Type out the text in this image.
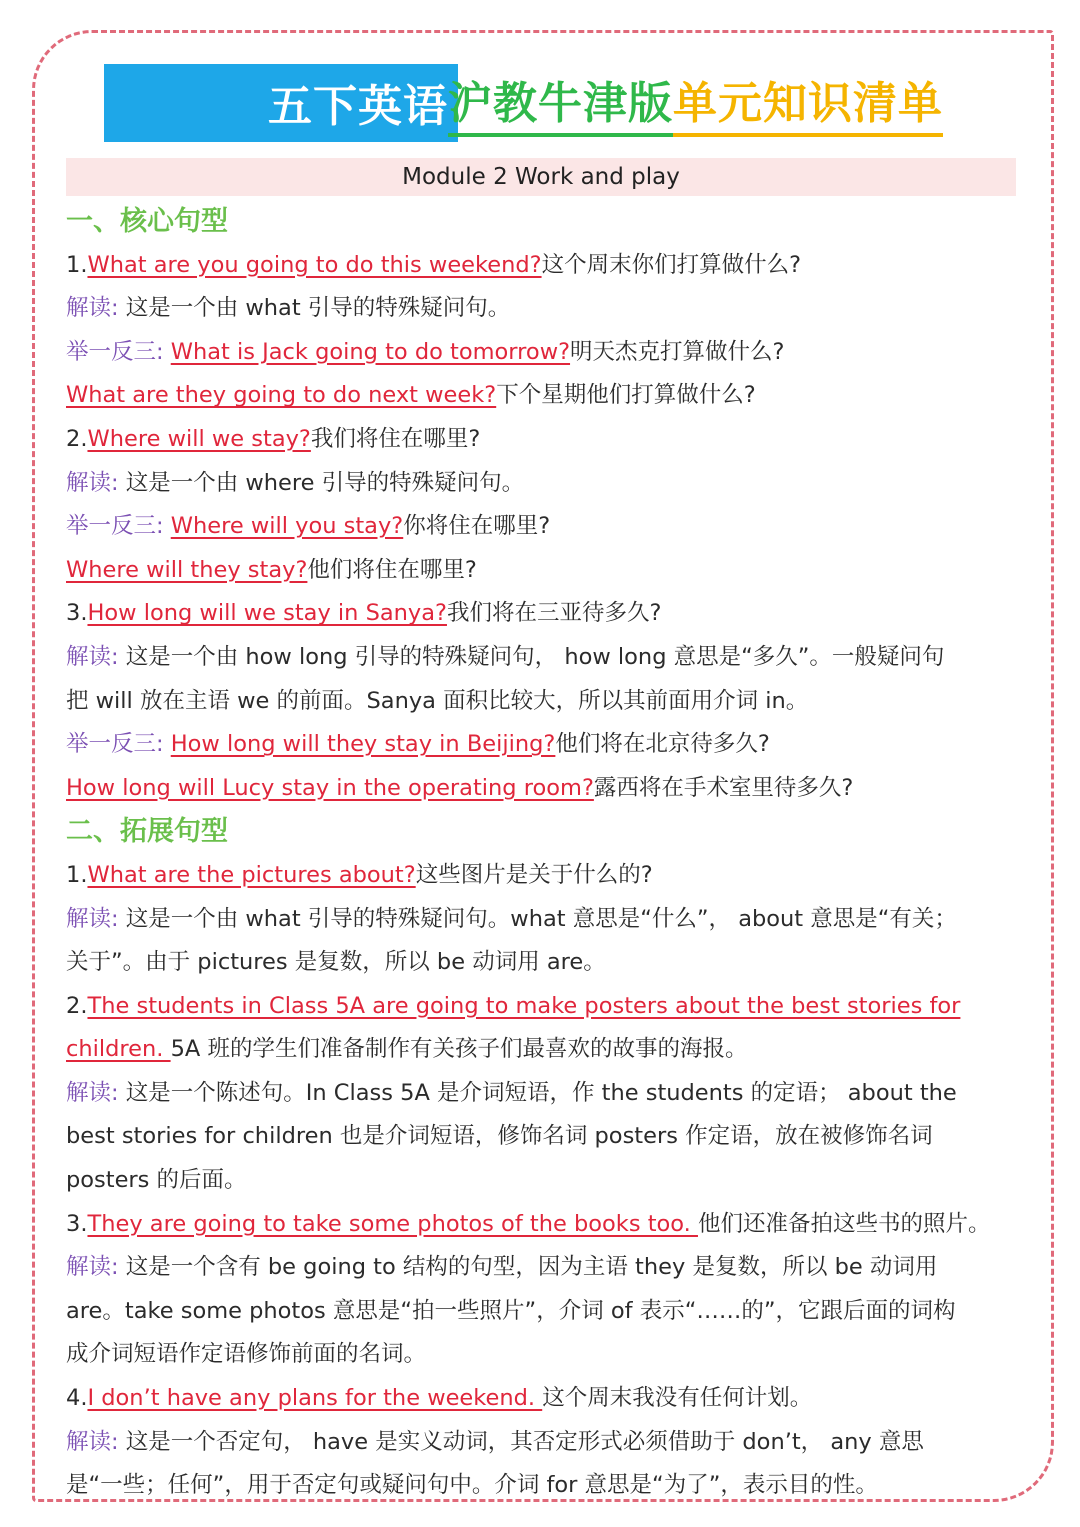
五下英语 沪教牛津版 单元 知识清单
Module 2 Work and play
一、核心句型
1.What are you going to do this weekend?这个周末你们打算做什么?
解读: 这是一个由 what 引导的特殊疑问句。
举一反三: What is Jack going to do tomorrow?明天杰克打算做什么?
What are they going to do next week?下个星期他们打算做什么?
2.Where will we stay?我们将住在哪里?
解读: 这是一个由 where 引导的特殊疑问句。
举一反三: Where will you stay?你将住在哪里?
Where will they stay?他们将住在哪里?
3.How long will we stay in Sanya?我们将在三亚待多久?
解读: 这是一个由 how long 引导的特殊疑问句， how long 意思是“多久”。一般疑问句
把 will 放在主语 we 的前面。Sanya 面积比较大，所以其前面用介词 in。
举一反三: How long will they stay in Beijing?他们将在北京待多久?
How long will Lucy stay in the operating room?露西将在手术室里待多久?
二、拓展句型
1.What are the pictures about?这些图片是关于什么的?
解读: 这是一个由 what 引导的特殊疑问句。what 意思是“什么”， about 意思是“有关；
关于”。由于 pictures 是复数，所以 be 动词用 are。
2.The students in Class 5A are going to make posters about the best stories for
children. 5A 班的学生们准备制作有关孩子们最喜欢的故事的海报。
解读: 这是一个陈述句。In Class 5A 是介词短语，作 the students 的定语； about the
best stories for children 也是介词短语，修饰名词 posters 作定语，放在被修饰名词
posters 的后面。
3.They are going to take some photos of the books too. 他们还准备拍这些书的照片。
解读: 这是一个含有 be going to 结构的句型，因为主语 they 是复数，所以 be 动词用
are。take some photos 意思是“拍一些照片”，介词 of 表示“……的”，它跟后面的词构
成介词短语作定语修饰前面的名词。
4.I don’t have any plans for the weekend. 这个周末我没有任何计划。
解读: 这是一个否定句， have 是实义动词，其否定形式必须借助于 don’t， any 意思
是“一些；任何”，用于否定句或疑问句中。介词 for 意思是“为了”，表示目的性。
